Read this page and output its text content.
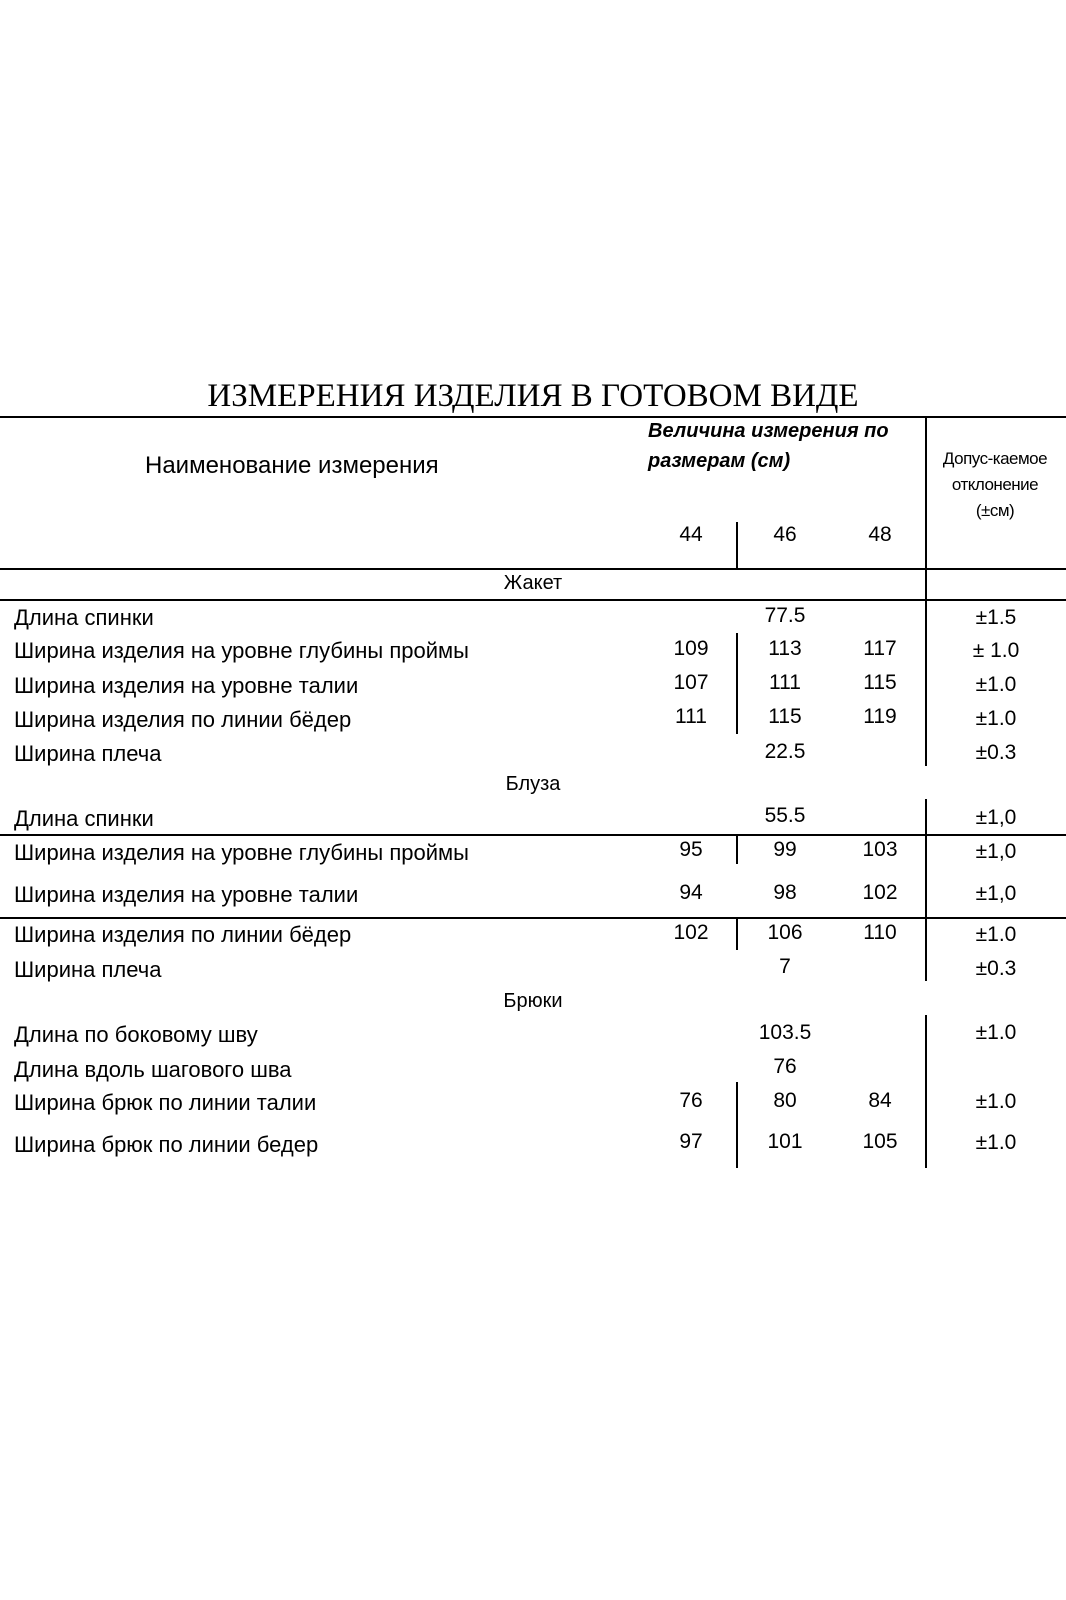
ИЗМЕРЕНИЯ ИЗДЕЛИЯ В ГОТОВОМ ВИДЕ
Наименование измерения
Величина измерения по размерам (см)	Допус-каемое отклонение (±см)
44	46	48
Жакет
Длина спинки	77.5	±1.5
Ширина изделия на уровне глубины проймы	109	113	117	± 1.0
Ширина изделия на уровне талии	107	111	115	±1.0
Ширина изделия по линии бёдер	111	115	119	±1.0
Ширина плеча	22.5	±0.3
Блуза
Длина спинки	55.5	±1,0
Ширина изделия на уровне глубины проймы	95	99	103	±1,0
Ширина изделия на уровне талии	94	98	102	±1,0
Ширина изделия по линии бёдер	102	106	110	±1.0
Ширина плеча	7	±0.3
Брюки
Длина по боковому шву	103.5	±1.0
Длина вдоль шагового шва	76
Ширина брюк по линии талии	76	80	84	±1.0
Ширина брюк по линии бедер	97	101	105	±1.0
